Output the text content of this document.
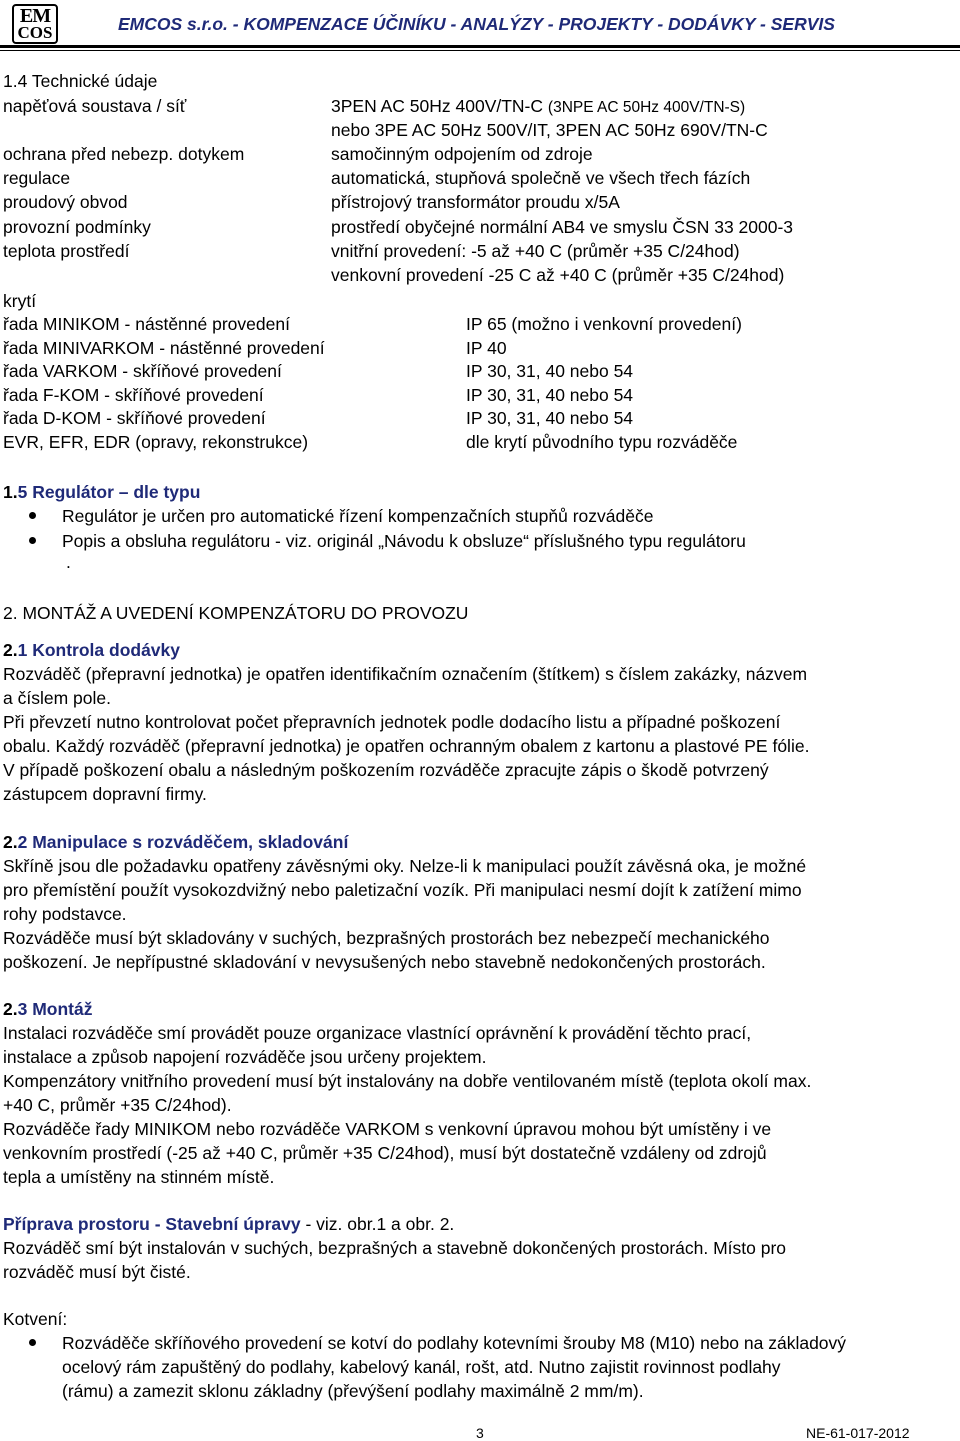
EM
COS	EMCOS s.r.o. - KOMPENZACE ÚČINÍKU - ANALÝZY - PROJEKTY - DODÁVKY - SERVIS
1.4 Technické údaje
napěťová soustava / síť	3PEN AC 50Hz 400V/TN-C (3NPE AC 50Hz 400V/TN-S)
nebo 3PE AC 50Hz 500V/IT, 3PEN AC 50Hz 690V/TN-C
ochrana před nebezp. dotykem	samočinným odpojením od zdroje
regulace	automatická, stupňová společně ve všech třech fázích
proudový obvod	přístrojový transformátor proudu x/5A
provozní podmínky	prostředí obyčejné normální AB4 ve smyslu ČSN 33 2000-3
teplota prostředí	vnitřní provedení: -5 až +40 C (průměr +35 C/24hod)
venkovní provedení -25 C až +40 C (průměr +35 C/24hod)
krytí
řada MINIKOM - nástěnné provedení	IP 65 (možno i venkovní provedení)
řada MINIVARKOM - nástěnné provedení	IP 40
řada VARKOM - skříňové provedení	IP 30, 31, 40 nebo 54
řada F-KOM - skříňové provedení	IP 30, 31, 40 nebo 54
řada D-KOM - skříňové provedení	IP 30, 31, 40 nebo 54
EVR, EFR, EDR (opravy, rekonstrukce)	dle krytí původního typu rozváděče
1.5 Regulátor – dle typu
Regulátor je určen pro automatické řízení kompenzačních stupňů rozváděče
Popis a obsluha regulátoru - viz. originál „Návodu k obsluze“ příslušného typu regulátoru
.
2. MONTÁŽ A UVEDENÍ KOMPENZÁTORU DO PROVOZU
2.1 Kontrola dodávky
Rozváděč (přepravní jednotka) je opatřen identifikačním označením (štítkem) s číslem zakázky, názvem
a číslem pole.
Při převzetí nutno kontrolovat počet přepravních jednotek podle dodacího listu a případné poškození
obalu. Každý rozváděč (přepravní jednotka) je opatřen ochranným obalem z kartonu a plastové PE fólie.
V případě poškození obalu a následným poškozením rozváděče zpracujte zápis o škodě potvrzený
zástupcem dopravní firmy.
2.2 Manipulace s rozváděčem, skladování
Skříně jsou dle požadavku opatřeny závěsnými oky. Nelze-li k manipulaci použít závěsná oka, je možné
pro přemístění použít vysokozdvižný nebo paletizační vozík. Při manipulaci nesmí dojít k zatížení mimo
rohy podstavce.
Rozváděče musí být skladovány v suchých, bezprašných prostorách bez nebezpečí mechanického
poškození. Je nepřípustné skladování v nevysušených nebo stavebně nedokončených prostorách.
2.3 Montáž
Instalaci rozváděče smí provádět pouze organizace vlastnící oprávnění k provádění těchto prací,
instalace a způsob napojení rozváděče jsou určeny projektem.
Kompenzátory vnitřního provedení musí být instalovány na dobře ventilovaném místě (teplota okolí max.
+40 C, průměr +35 C/24hod).
Rozváděče řady MINIKOM nebo rozváděče VARKOM s venkovní úpravou mohou být umístěny i ve
venkovním prostředí (-25 až +40 C, průměr +35 C/24hod), musí být dostatečně vzdáleny od zdrojů
tepla a umístěny na stinném místě.
Příprava prostoru - Stavební úpravy - viz. obr.1 a obr. 2.
Rozváděč smí být instalován v suchých, bezprašných a stavebně dokončených prostorách. Místo pro
rozváděč musí být čisté.
Kotvení:
Rozváděče skříňového provedení se kotví do podlahy kotevními šrouby M8 (M10) nebo na základový
ocelový rám zapuštěný do podlahy, kabelový kanál, rošt, atd. Nutno zajistit rovinnost podlahy
(rámu) a zamezit sklonu základny (převýšení podlahy maximálně 2 mm/m).
3	NE-61-017-2012
